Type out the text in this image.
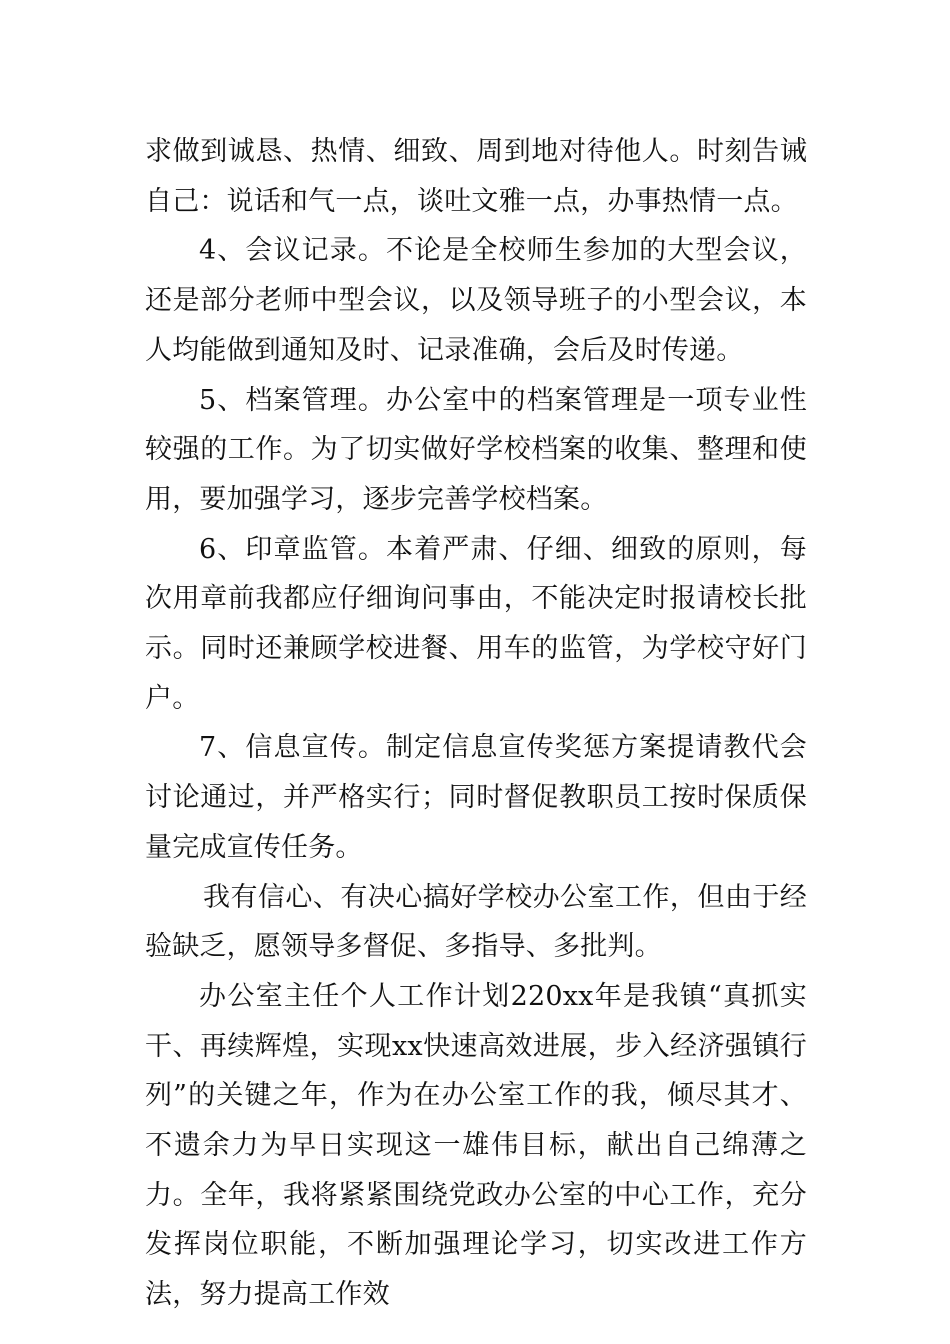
求做到诚恳、热情、细致、周到地对待他人。时刻告诫自己：说话和气一点，谈吐文雅一点，办事热情一点。

4、会议记录。不论是全校师生参加的大型会议，还是部分老师中型会议，以及领导班子的小型会议，本人均能做到通知及时、记录准确，会后及时传递。

5、档案管理。办公室中的档案管理是一项专业性较强的工作。为了切实做好学校档案的收集、整理和使用，要加强学习，逐步完善学校档案。

6、印章监管。本着严肃、仔细、细致的原则，每次用章前我都应仔细询问事由，不能决定时报请校长批示。同时还兼顾学校进餐、用车的监管，为学校守好门户。

7、信息宣传。制定信息宣传奖惩方案提请教代会讨论通过，并严格实行；同时督促教职员工按时保质保量完成宣传任务。

我有信心、有决心搞好学校办公室工作，但由于经验缺乏，愿领导多督促、多指导、多批判。

办公室主任个人工作计划220xx年是我镇“真抓实干、再续辉煌，实现xx快速高效进展，步入经济强镇行列”的关键之年，作为在办公室工作的我，倾尽其才、不遗余力为早日实现这一雄伟目标，献出自己绵薄之力。全年，我将紧紧围绕党政办公室的中心工作，充分发挥岗位职能，不断加强理论学习，切实改进工作方法，努力提高工作效
